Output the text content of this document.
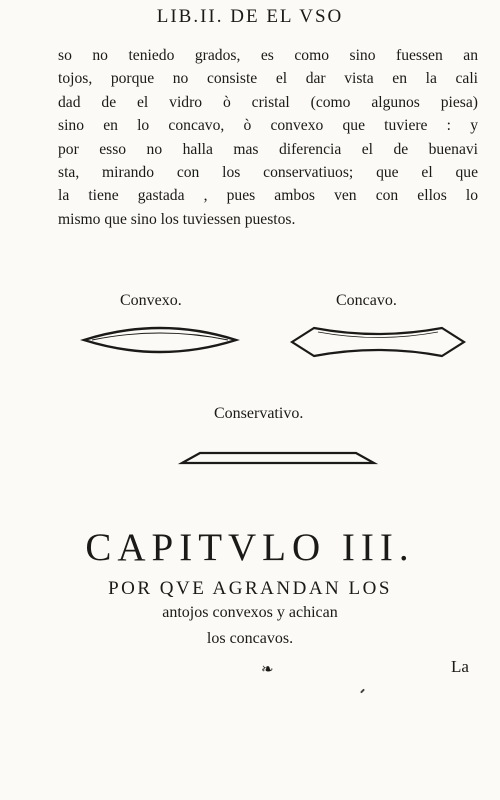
LIB.II. DE EL VSO
so no teniedo grados, es como sino fuessen an
tojos, porque no consiste el dar vista en la cali
dad de el vidro ò cristal (como algunos piesa)
sino en lo concavo, ò convexo que tuviere : y
por esso no halla mas diferencia el de buenavi
sta, mirando con los conservatiuos; que el que
la tiene gastada , pues ambos ven con ellos lo
mismo que sino los tuviessen puestos.
Convexo.	Concavo.
Conservativo.
CAPITVLO III.
POR QVE AGRANDAN LOS
antojos convexos y achican
los concavos.
❧	La
